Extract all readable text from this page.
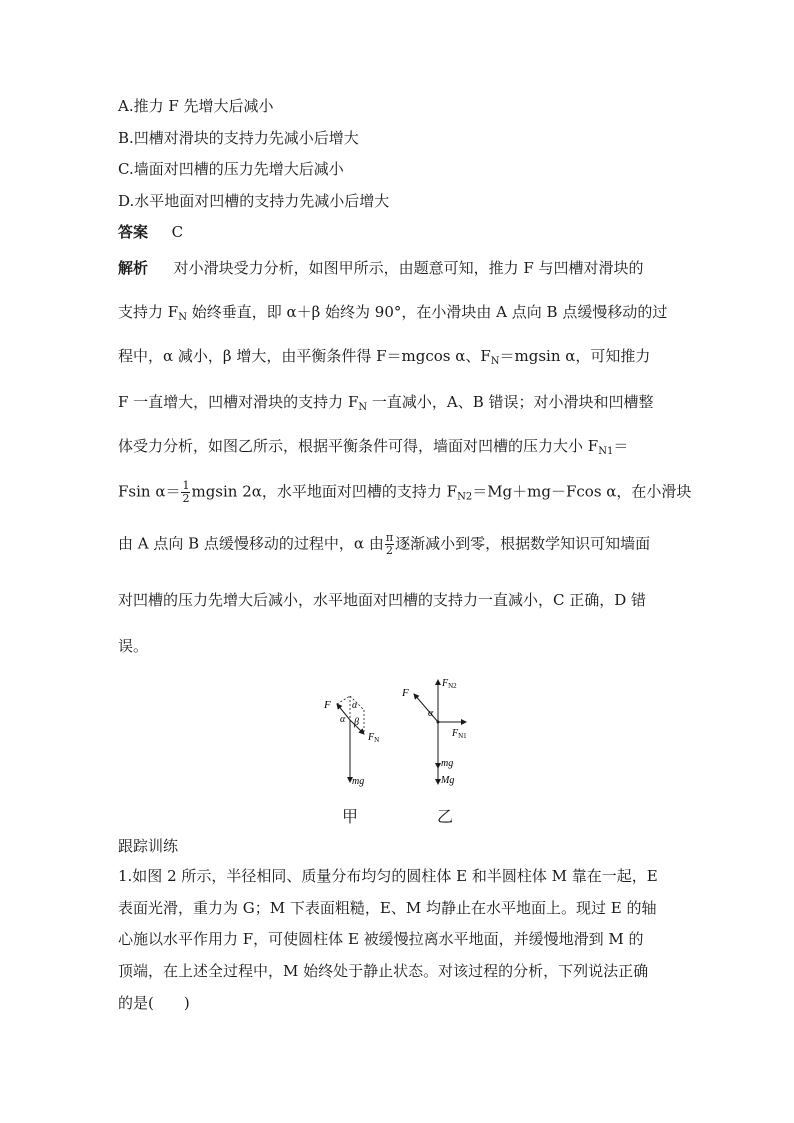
A.推力 F 先增大后减小
B.凹槽对滑块的支持力先减小后增大
C.墙面对凹槽的压力先增大后减小
D.水平地面对凹槽的支持力先减小后增大
答案 C
解析 对小滑块受力分析，如图甲所示，由题意可知，推力 F 与凹槽对滑块的
支持力 $F_N$ 始终垂直，即 α＋β 始终为 90°，在小滑块由 A 点向 B 点缓慢移动的过
程中，α 减小，β 增大，由平衡条件得 F＝mgcos α、$F_N=mgsin$ α，可知推力
F 一直增大，凹槽对滑块的支持力 $F_N$ 一直减小，A、B 错误；对小滑块和凹槽整
体受力分析，如图乙所示，根据平衡条件可得，墙面对凹槽的压力大小 $F_{N1}=$
Fsin $\alpha= \frac{1}{2}$ mgsin 2α，水平地面对凹槽的支持力 $F_{N2}=Mg+mg-Fcos$ α，在小滑块
由 A 点向 B 点缓慢移动的过程中，α 由 $\frac{\pi}{2}$ 逐渐减小到零，根据数学知识可知墙面
对凹槽的压力先增大后减小，水平地面对凹槽的支持力一直减小，C 正确，D 错
误。
F
α
α
β
$F_N$
mg
F
α
$F_{N2}$
$F_{N1}$
mg
Mg
甲	乙
跟踪训练
1.如图 2 所示，半径相同、质量分布均匀的圆柱体 E 和半圆柱体 M 靠在一起，E
表面光滑，重力为 G；M 下表面粗糙，E、M 均静止在水平地面上。现过 E 的轴
心施以水平作用力 F，可使圆柱体 E 被缓慢拉离水平地面，并缓慢地滑到 M 的
顶端，在上述全过程中，M 始终处于静止状态。对该过程的分析，下列说法正确
的是(　　)
